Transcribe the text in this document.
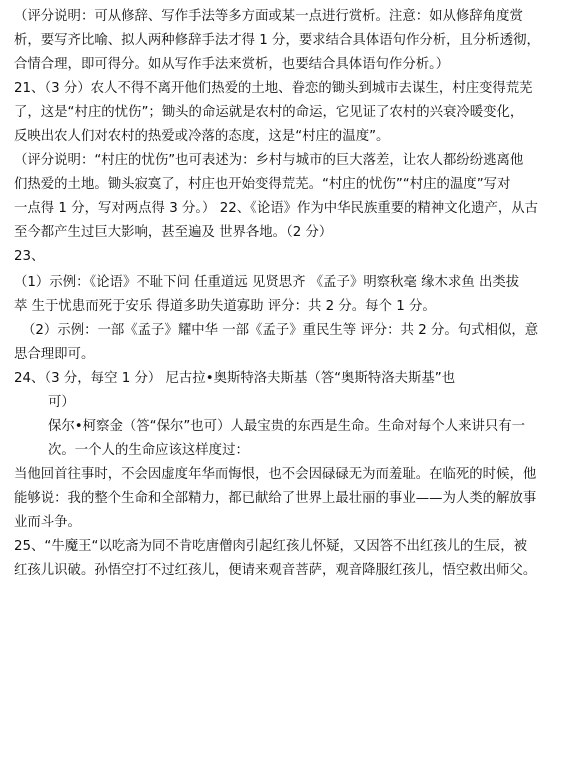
（评分说明：可从修辞、写作手法等多方面或某一点进行赏析。注意：如从修辞角度赏
析，要写齐比喻、拟人两种修辞手法才得 1 分，要求结合具体语句作分析，且分析透彻，
合情合理，即可得分。如从写作手法来赏析，也要结合具体语句作分析。）
21、（3 分）农人不得不离开他们热爱的土地、眷恋的锄头到城市去谋生，村庄变得荒芜
了，这是“村庄的忧伤”；锄头的命运就是农村的命运，它见证了农村的兴衰冷暖变化，
反映出农人们对农村的热爱或冷落的态度，这是“村庄的温度”。
（评分说明：“村庄的忧伤”也可表述为：乡村与城市的巨大落差，让农人都纷纷逃离他
们热爱的土地。锄头寂寞了，村庄也开始变得荒芜。“村庄的忧伤”“村庄的温度”写对
一点得 1 分，写对两点得 3 分。） 22、《论语》作为中华民族重要的精神文化遗产，从古
至今都产生过巨大影响，甚至遍及 世界各地。（2 分）
23、
（1）示例：《论语》不耻下问 任重道远 见贤思齐 《孟子》明察秋毫 缘木求鱼 出类拔
萃 生于忧患而死于安乐 得道多助失道寡助 评分：共 2 分。每个 1 分。
（2）示例：一部《孟子》耀中华 一部《孟子》重民生等 评分：共 2 分。句式相似，意
思合理即可。
24、（3 分，每空 1 分） 尼古拉•奥斯特洛夫斯基（答“奥斯特洛夫斯基”也
可）
保尔•柯察金（答“保尔”也可）人最宝贵的东西是生命。生命对每个人来讲只有一
次。一个人的生命应该这样度过：
当他回首往事时，不会因虚度年华而悔恨，也不会因碌碌无为而羞耻。在临死的时候，他
能够说：我的整个生命和全部精力，都已献给了世界上最壮丽的事业——为人类的解放事
业而斗争。
25、“牛魔王“以吃斋为同不肯吃唐僧肉引起红孩儿怀疑，又因答不出红孩儿的生辰，被
红孩儿识破。孙悟空打不过红孩儿，便请来观音菩萨，观音降服红孩儿，悟空救出师父。
